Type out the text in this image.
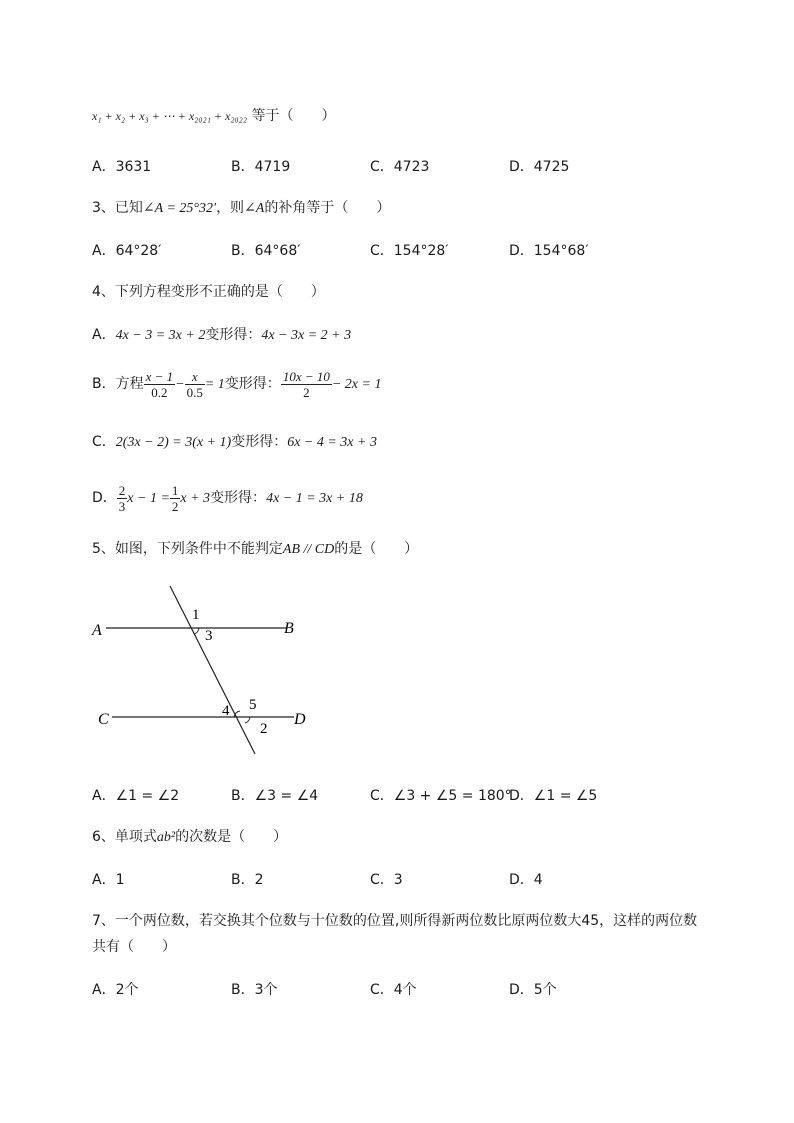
x₁ + x₂ + x₃ + ⋯ + x₂₀₂₁ + x₂₀₂₂ 等于（　　）
A．3631	B．4719	C．4723	D．4725
3、已知∠A = 25°32′，则∠A的补角等于（　　）
A．64°28′	B．64°68′	C．154°28′	D．154°68′
4、下列方程变形不正确的是（　　）
A．4x − 3 = 3x + 2变形得：4x − 3x = 2 + 3
B．方程 $\frac{x - 1}{0.2} - \frac{x}{0.5} = 1$变形得： $\frac{10x - 10}{2} - 2x = 1$
C．2(3x − 2) = 3(x + 1)变形得：6x − 4 = 3x + 3
D． $\frac{2}{3}$ $x - 1 = \frac{1}{2}$ x + 3变形得：4x − 1 = 3x + 18
5、如图，下列条件中不能判定AB // CD的是（　　）
A	B
C	D
1
2
3
4 5
A．∠1 = ∠2	B．∠3 = ∠4	C．∠3 + ∠5 = 180°
D．∠1 = ∠5
6、单项式ab²的次数是（　　）
A．1	B．2	C．3	D．4
7、一个两位数，若交换其个位数与十位数的位置,则所得新两位数比原两位数大45，这样的两位数
共有（　　）
A．2个	B．3个	C．4个	D．5个
